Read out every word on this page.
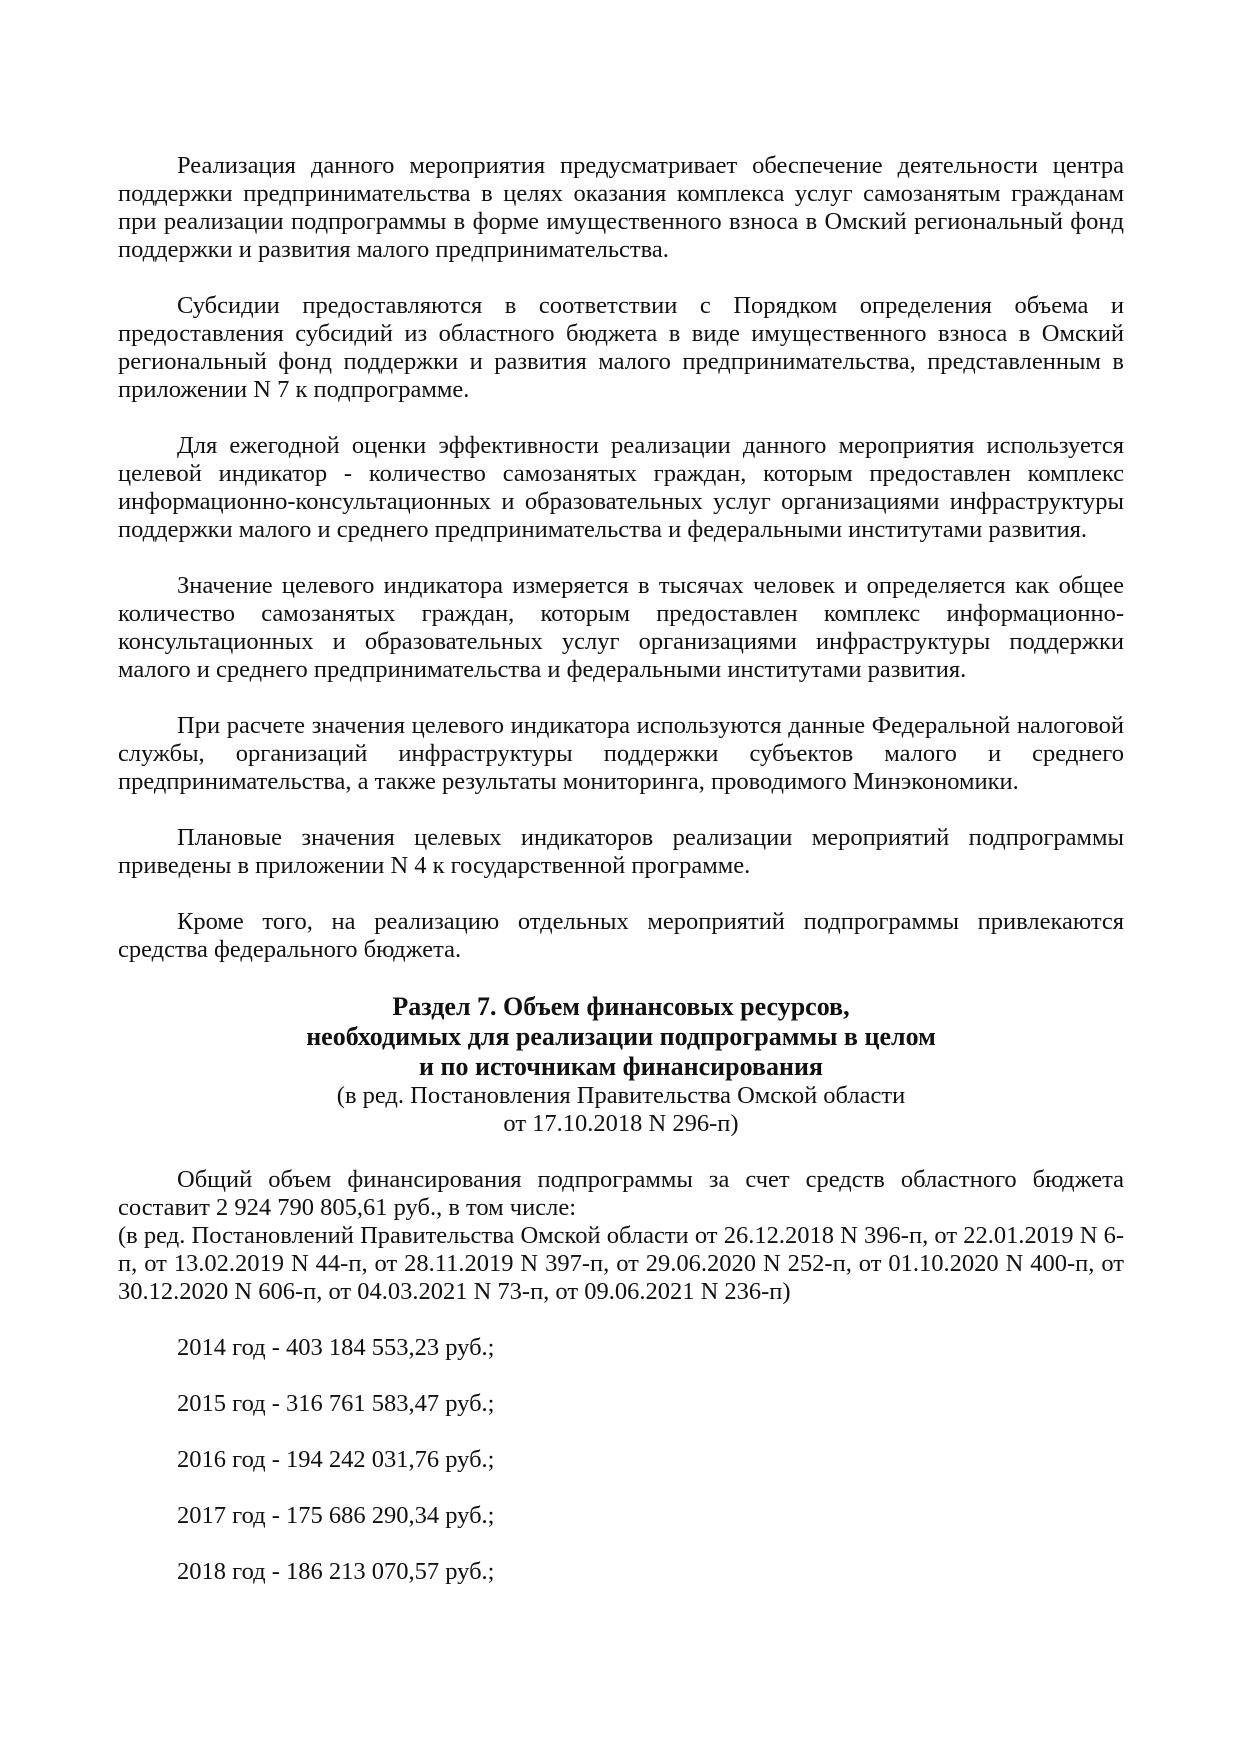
Реализация данного мероприятия предусматривает обеспечение деятельности центра поддержки предпринимательства в целях оказания комплекса услуг самозанятым гражданам при реализации подпрограммы в форме имущественного взноса в Омский региональный фонд поддержки и развития малого предпринимательства.

Субсидии предоставляются в соответствии с Порядком определения объема и предоставления субсидий из областного бюджета в виде имущественного взноса в Омский региональный фонд поддержки и развития малого предпринимательства, представленным в приложении N 7 к подпрограмме.

Для ежегодной оценки эффективности реализации данного мероприятия используется целевой индикатор - количество самозанятых граждан, которым предоставлен комплекс информационно-консультационных и образовательных услуг организациями инфраструктуры поддержки малого и среднего предпринимательства и федеральными институтами развития.

Значение целевого индикатора измеряется в тысячах человек и определяется как общее количество самозанятых граждан, которым предоставлен комплекс информационно-консультационных и образовательных услуг организациями инфраструктуры поддержки малого и среднего предпринимательства и федеральными институтами развития.

При расчете значения целевого индикатора используются данные Федеральной налоговой службы, организаций инфраструктуры поддержки субъектов малого и среднего предпринимательства, а также результаты мониторинга, проводимого Минэкономики.

Плановые значения целевых индикаторов реализации мероприятий подпрограммы приведены в приложении N 4 к государственной программе.

Кроме того, на реализацию отдельных мероприятий подпрограммы привлекаются средства федерального бюджета.

Раздел 7. Объем финансовых ресурсов,
необходимых для реализации подпрограммы в целом
и по источникам финансирования
(в ред. Постановления Правительства Омской области
от 17.10.2018 N 296-п)

Общий объем финансирования подпрограммы за счет средств областного бюджета составит 2 924 790 805,61 руб., в том числе:

(в ред. Постановлений Правительства Омской области от 26.12.2018 N 396-п, от 22.01.2019 N 6-п, от 13.02.2019 N 44-п, от 28.11.2019 N 397-п, от 29.06.2020 N 252-п, от 01.10.2020 N 400-п, от 30.12.2020 N 606-п, от 04.03.2021 N 73-п, от 09.06.2021 N 236-п)

2014 год - 403 184 553,23 руб.;
2015 год - 316 761 583,47 руб.;
2016 год - 194 242 031,76 руб.;
2017 год - 175 686 290,34 руб.;
2018 год - 186 213 070,57 руб.;
